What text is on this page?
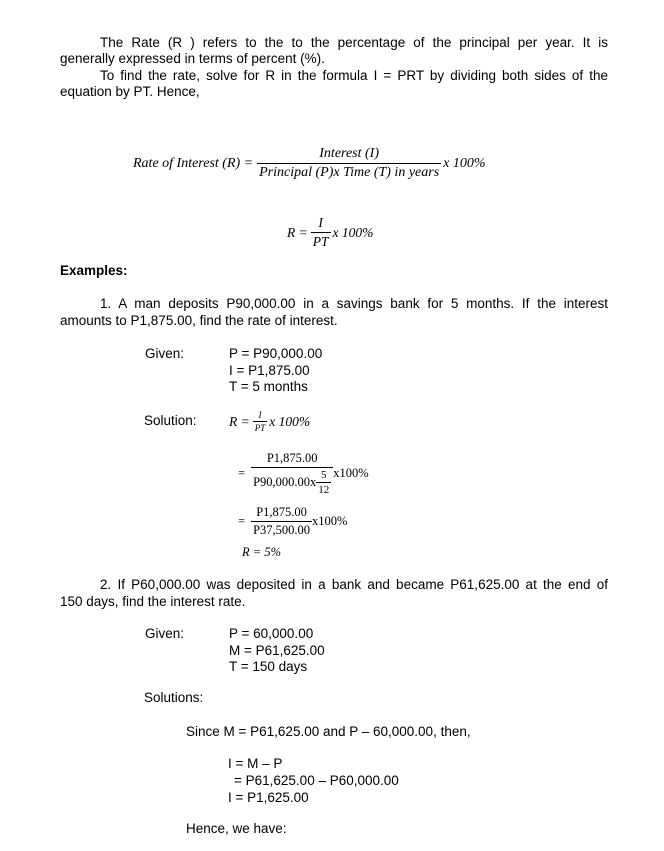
The Rate (R ) refers to the to the percentage of the principal per year. It is
generally expressed in terms of percent (%).
To find the rate, solve for R in the formula I = PRT by dividing both sides of the
equation by PT. Hence,
Rate of Interest $(R) = \frac{\text{Interest (I)}}{\text{Principal (P)x Time (T) in years}}$ x 100%
$R = \frac{I}{PT}$ x 100%
Examples:
1. A man deposits P90,000.00 in a savings bank for 5 months. If the interest
amounts to P1,875.00, find the rate of interest.
Given:	P = P90,000.00
I = P1,875.00
T = 5 months
Solution: $R = \frac{I}{PT}$ x 100%
= $\frac{P1,875.00}{P90,000.00x \frac{5}{12}} x100\%$
= $\frac{P1,875.00}{P37,500.00} x100\%$
R = 5%
2. If P60,000.00 was deposited in a bank and became P61,625.00 at the end of
150 days, find the interest rate.
Given:	P = 60,000.00
M = P61,625.00
T = 150 days
Solutions:
Since M = P61,625.00 and P – 60,000.00, then,
I = M – P
= P61,625.00 – P60,000.00
I = P1,625.00
Hence, we have:
